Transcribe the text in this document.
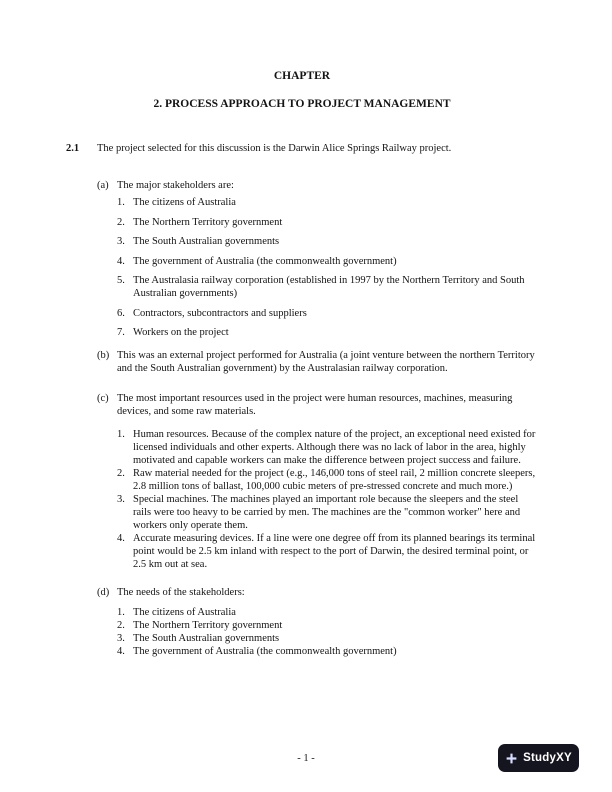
CHAPTER
2. PROCESS APPROACH TO PROJECT MANAGEMENT
2.1	The project selected for this discussion is the Darwin Alice Springs Railway project.
(a) The major stakeholders are:
1. The citizens of Australia
2. The Northern Territory government
3. The South Australian governments
4. The government of Australia (the commonwealth government)
5. The Australasia railway corporation (established in 1997 by the Northern Territory and South Australian governments)
6. Contractors, subcontractors and suppliers
7. Workers on the project
(b) This was an external project performed for Australia (a joint venture between the northern Territory and the South Australian government) by the Australasian railway corporation.
(c) The most important resources used in the project were human resources, machines, measuring devices, and some raw materials.
1. Human resources. Because of the complex nature of the project, an exceptional need existed for licensed individuals and other experts. Although there was no lack of labor in the area, highly motivated and capable workers can make the difference between project success and failure.
2. Raw material needed for the project (e.g., 146,000 tons of steel rail, 2 million concrete sleepers, 2.8 million tons of ballast, 100,000 cubic meters of pre-stressed concrete and much more.)
3. Special machines. The machines played an important role because the sleepers and the steel rails were too heavy to be carried by men. The machines are the "common worker" here and workers only operate them.
4. Accurate measuring devices. If a line were one degree off from its planned bearings its terminal point would be 2.5 km inland with respect to the port of Darwin, the desired terminal point, or 2.5 km out at sea.
(d) The needs of the stakeholders:
1. The citizens of Australia
2. The Northern Territory government
3. The South Australian governments
4. The government of Australia (the commonwealth government)
- 1 -	StudyXY
